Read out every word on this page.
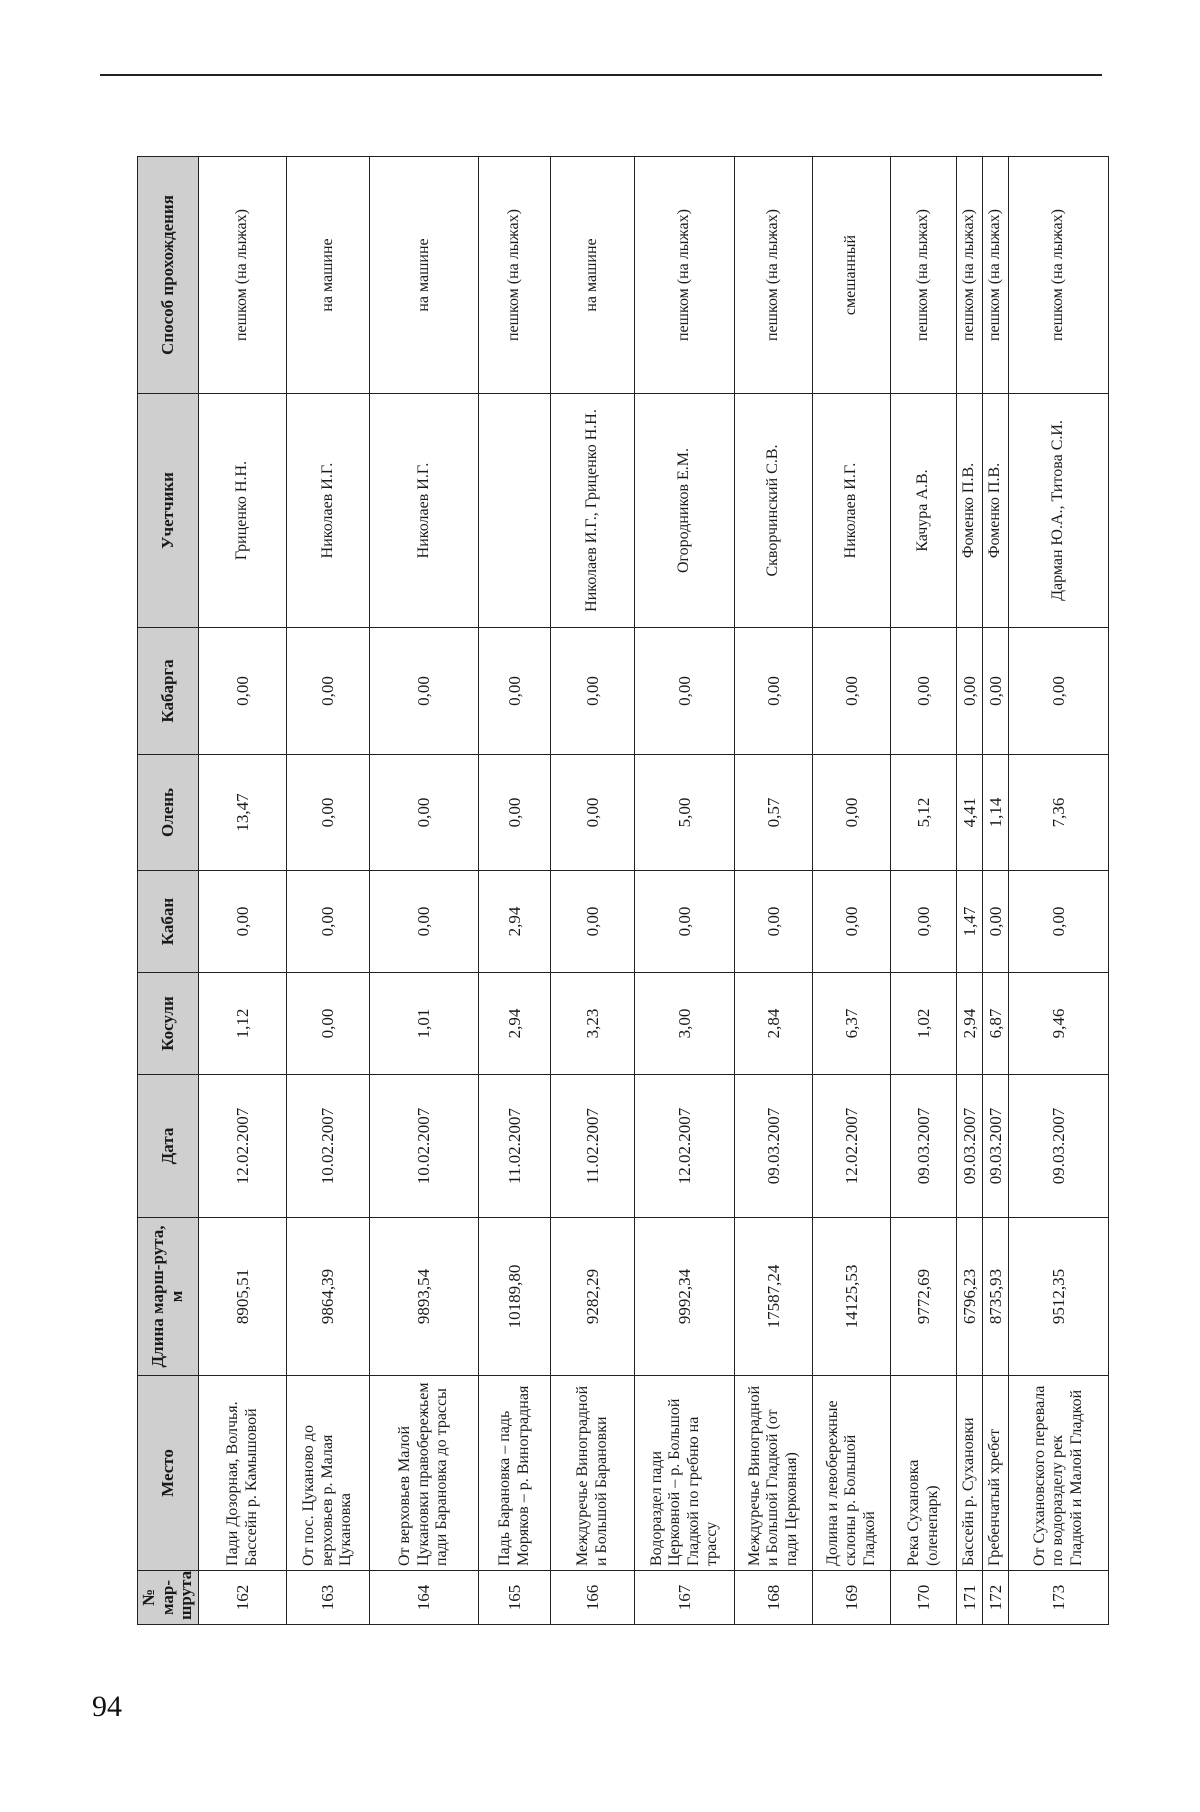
94
№ мар-шрута	Место	Длина марш-рута, м	Дата	Косули	Кабан	Олень	Кабарга	Учетчики	Способ прохождения
162	Пади Дозорная, Волчья. Бассейн р. Камышовой	8905,51	12.02.2007	1,12	0,00	13,47	0,00	Гриценко Н.Н.	пешком (на лыжах)
163	От пос. Цуканово до верховьев р. Малая Цукановка	9864,39	10.02.2007	0,00	0,00	0,00	0,00	Николаев И.Г.	на машине
164	От верховьев Малой Цукановки правобережьем пади Барановка до трассы	9893,54	10.02.2007	1,01	0,00	0,00	0,00	Николаев И.Г.	на машине
165	Падь Барановка – падь Моряков – р. Виноградная	10189,80	11.02.2007	2,94	2,94	0,00	0,00		пешком (на лыжах)
166	Междуречье Виноградной и Большой Барановки	9282,29	11.02.2007	3,23	0,00	0,00	0,00	Николаев И.Г., Гриценко Н.Н.	на машине
167	Водораздел пади Церковной – р. Большой Гладкой по гребню на трассу	9992,34	12.02.2007	3,00	0,00	5,00	0,00	Огородников Е.М.	пешком (на лыжах)
168	Междуречье Виноградной и Большой Гладкой (от пади Церковная)	17587,24	09.03.2007	2,84	0,00	0,57	0,00	Скворчинский С.В.	пешком (на лыжах)
169	Долина и левобережные склоны р. Большой Гладкой	14125,53	12.02.2007	6,37	0,00	0,00	0,00	Николаев И.Г.	смешанный
170	Река Сухановка (оленепарк)	9772,69	09.03.2007	1,02	0,00	5,12	0,00	Качура А.В.	пешком (на лыжах)
171	Бассейн р. Сухановки	6796,23	09.03.2007	2,94	1,47	4,41	0,00	Фоменко П.В.	пешком (на лыжах)
172	Гребенчатый хребет	8735,93	09.03.2007	6,87	0,00	1,14	0,00	Фоменко П.В.	пешком (на лыжах)
173	От Сухановского перевала по водоразделу рек Гладкой и Малой Гладкой	9512,35	09.03.2007	9,46	0,00	7,36	0,00	Дарман Ю.А., Титова С.И.	пешком (на лыжах)
